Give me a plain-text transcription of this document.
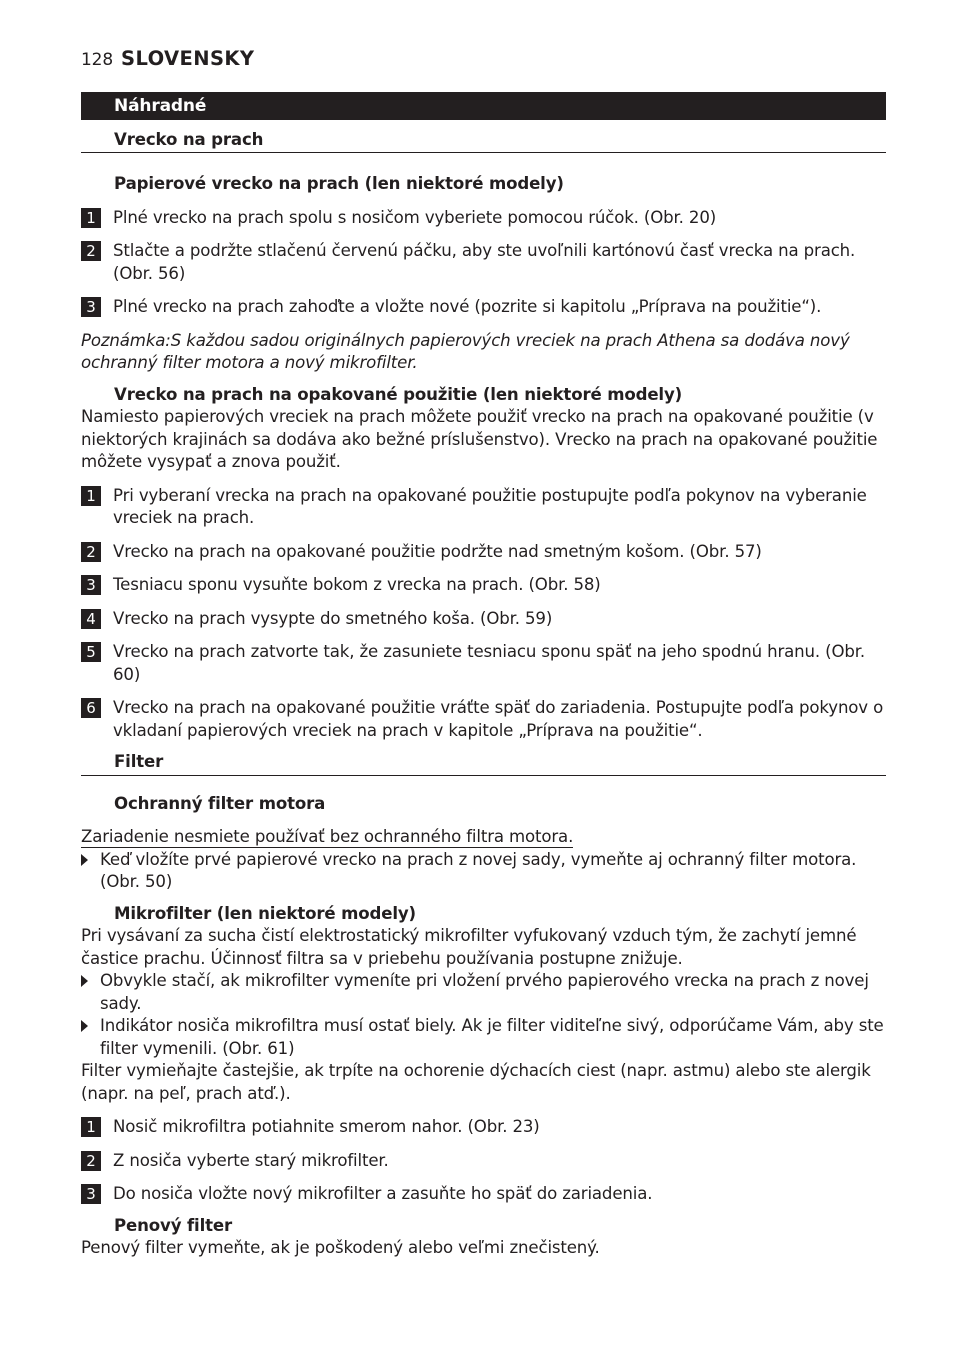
128 SLOVENSKY
Náhradné
Vrecko na prach
Papierové vrecko na prach (len niektoré modely)
1	Plné vrecko na prach spolu s nosičom vyberiete pomocou rúčok. (Obr. 20)
2	Stlačte a podržte stlačenú červenú páčku, aby ste uvoľnili kartónovú časť vrecka na prach. (Obr. 56)
3	Plné vrecko na prach zahoďte a vložte nové (pozrite si kapitolu „Príprava na použitie“).
Poznámka:S každou sadou originálnych papierových vreciek na prach Athena sa dodáva nový ochranný filter motora a nový mikrofilter.
Vrecko na prach na opakované použitie (len niektoré modely)
Namiesto papierových vreciek na prach môžete použiť vrecko na prach na opakované použitie (v niektorých krajinách sa dodáva ako bežné príslušenstvo). Vrecko na prach na opakované použitie môžete vysypať a znova použiť.
1	Pri vyberaní vrecka na prach na opakované použitie postupujte podľa pokynov na vyberanie vreciek na prach.
2	Vrecko na prach na opakované použitie podržte nad smetným košom. (Obr. 57)
3	Tesniacu sponu vysuňte bokom z vrecka na prach. (Obr. 58)
4	Vrecko na prach vysypte do smetného koša. (Obr. 59)
5	Vrecko na prach zatvorte tak, že zasuniete tesniacu sponu späť na jeho spodnú hranu. (Obr. 60)
6	Vrecko na prach na opakované použitie vráťte späť do zariadenia. Postupujte podľa pokynov o vkladaní papierových vreciek na prach v kapitole „Príprava na použitie“.
Filter
Ochranný filter motora
Zariadenie nesmiete používať bez ochranného filtra motora.
Keď vložíte prvé papierové vrecko na prach z novej sady, vymeňte aj ochranný filter motora. (Obr. 50)
Mikrofilter (len niektoré modely)
Pri vysávaní za sucha čistí elektrostatický mikrofilter vyfukovaný vzduch tým, že zachytí jemné častice prachu. Účinnosť filtra sa v priebehu používania postupne znižuje.
Obvykle stačí, ak mikrofilter vymeníte pri vložení prvého papierového vrecka na prach z novej sady.
Indikátor nosiča mikrofiltra musí ostať biely. Ak je filter viditeľne sivý, odporúčame Vám, aby ste filter vymenili. (Obr. 61)
Filter vymieňajte častejšie, ak trpíte na ochorenie dýchacích ciest (napr. astmu) alebo ste alergik (napr. na peľ, prach atď.).
1	Nosič mikrofiltra potiahnite smerom nahor. (Obr. 23)
2	Z nosiča vyberte starý mikrofilter.
3	Do nosiča vložte nový mikrofilter a zasuňte ho späť do zariadenia.
Penový filter
Penový filter vymeňte, ak je poškodený alebo veľmi znečistený.
